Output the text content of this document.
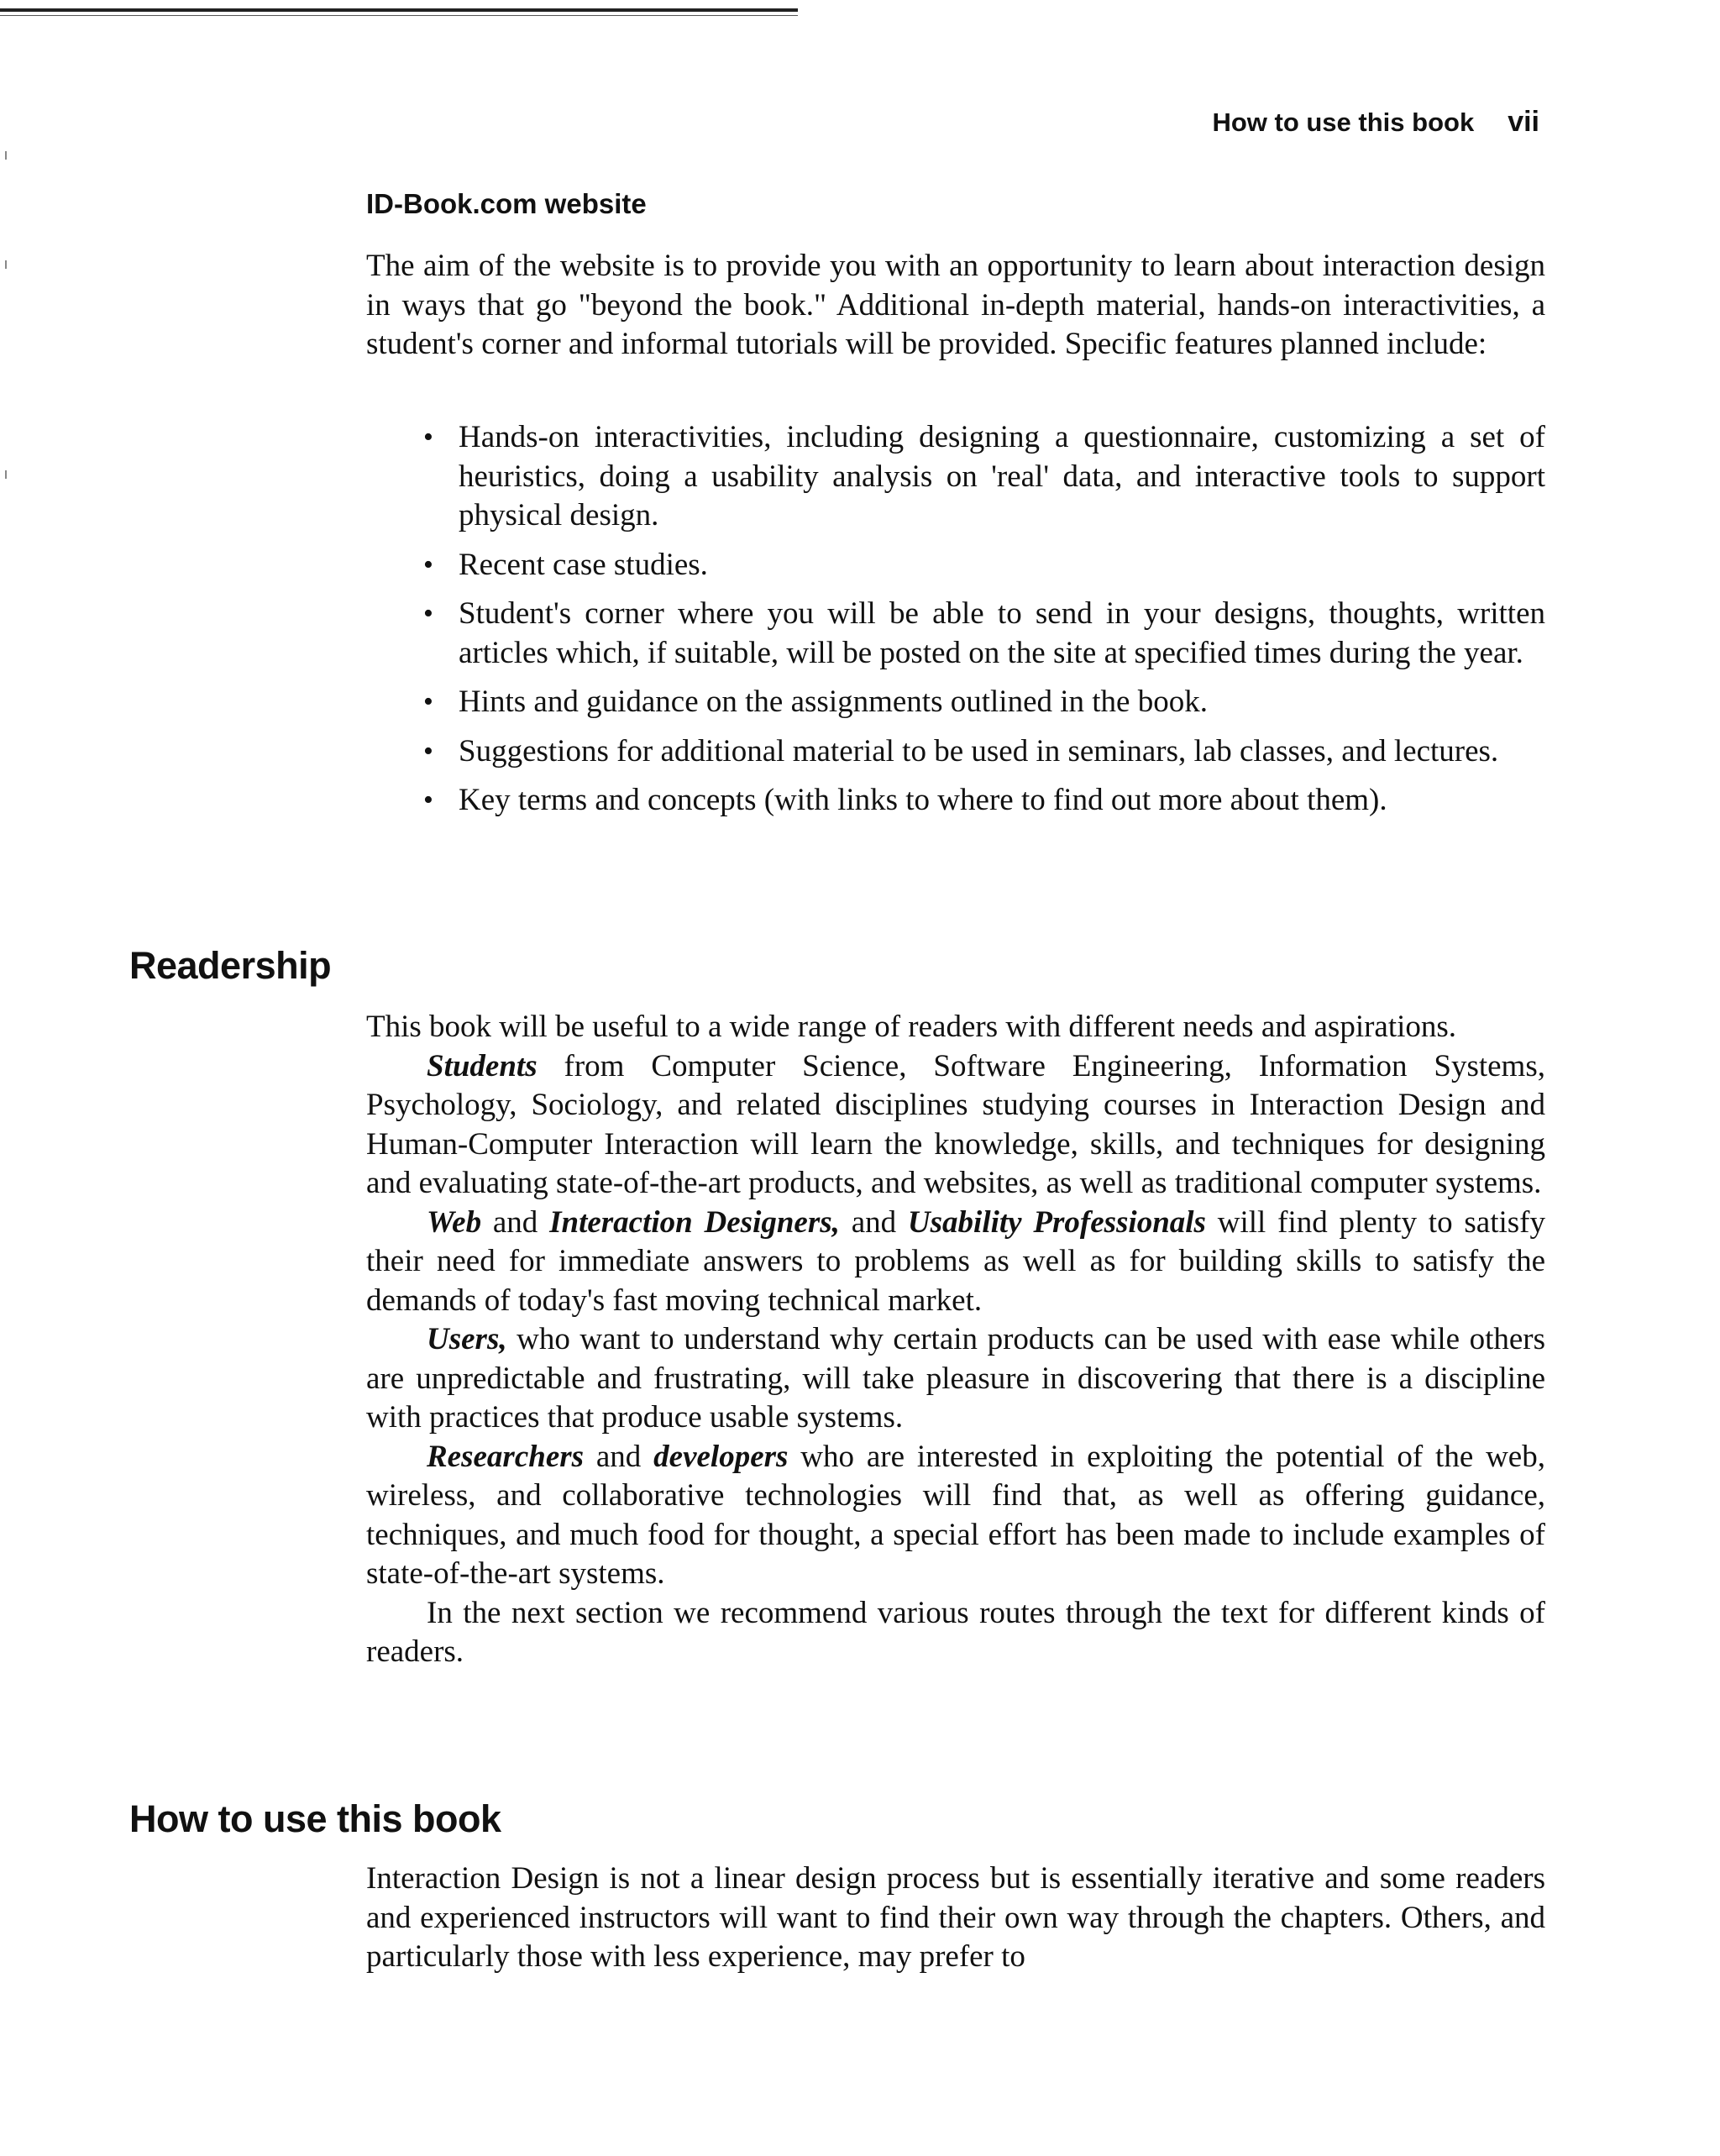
How to use this book vii
ID-Book.com website

The aim of the website is to provide you with an opportunity to learn about interaction design in ways that go "beyond the book." Additional in-depth material, hands-on interactivities, a student's corner and informal tutorials will be provided. Specific features planned include:

• Hands-on interactivities, including designing a questionnaire, customizing a set of heuristics, doing a usability analysis on 'real' data, and interactive tools to support physical design.
• Recent case studies.
• Student's corner where you will be able to send in your designs, thoughts, written articles which, if suitable, will be posted on the site at specified times during the year.
• Hints and guidance on the assignments outlined in the book.
• Suggestions for additional material to be used in seminars, lab classes, and lectures.
• Key terms and concepts (with links to where to find out more about them).
Readership

This book will be useful to a wide range of readers with different needs and aspirations.

Students from Computer Science, Software Engineering, Information Systems, Psychology, Sociology, and related disciplines studying courses in Interaction Design and Human-Computer Interaction will learn the knowledge, skills, and techniques for designing and evaluating state-of-the-art products, and websites, as well as traditional computer systems.

Web and Interaction Designers, and Usability Professionals will find plenty to satisfy their need for immediate answers to problems as well as for building skills to satisfy the demands of today's fast moving technical market.

Users, who want to understand why certain products can be used with ease while others are unpredictable and frustrating, will take pleasure in discovering that there is a discipline with practices that produce usable systems.

Researchers and developers who are interested in exploiting the potential of the web, wireless, and collaborative technologies will find that, as well as offering guidance, techniques, and much food for thought, a special effort has been made to include examples of state-of-the-art systems.

In the next section we recommend various routes through the text for different kinds of readers.

How to use this book

Interaction Design is not a linear design process but is essentially iterative and some readers and experienced instructors will want to find their own way through the chapters. Others, and particularly those with less experience, may prefer to
